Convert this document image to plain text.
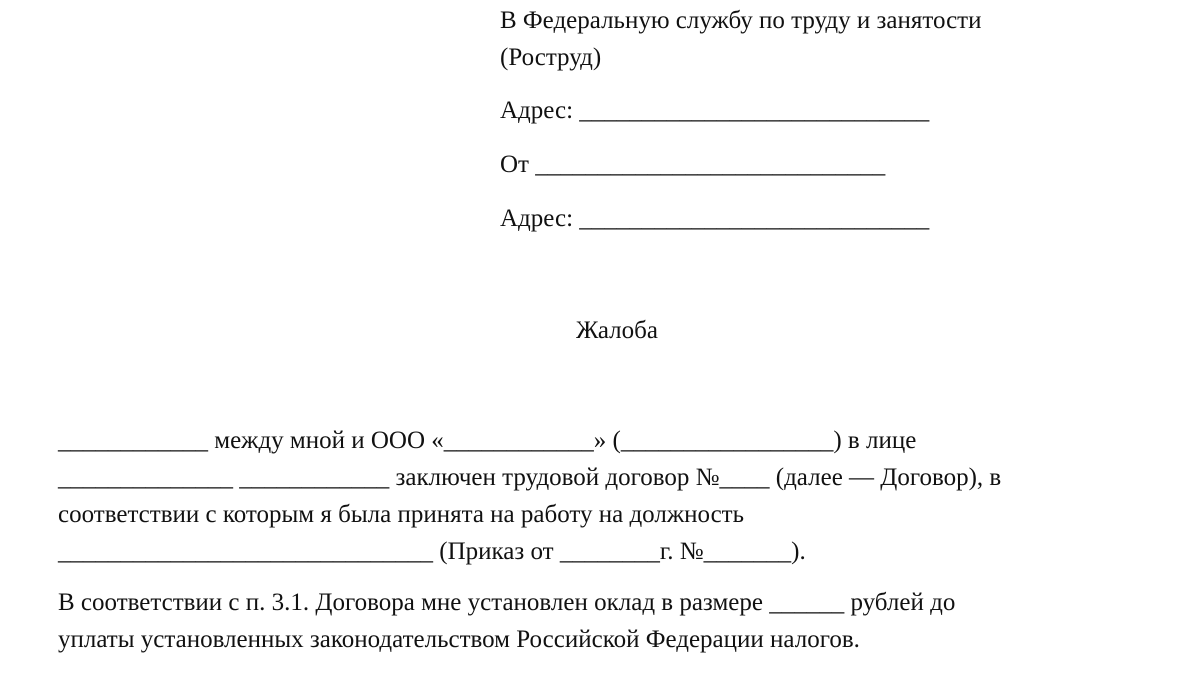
В Федеральную службу по труду и занятости
(Роструд)
Адрес: ____________________________
От ____________________________
Адрес: ____________________________
Жалоба
____________ между мной и ООО «____________» (_________________) в лице
______________ ____________ заключен трудовой договор №____ (далее — Договор), в
соответствии с которым я была принята на работу на должность
______________________________ (Приказ от ________г. №_______).
В соответствии с п. 3.1. Договора мне установлен оклад в размере ______ рублей до
уплаты установленных законодательством Российской Федерации налогов.
